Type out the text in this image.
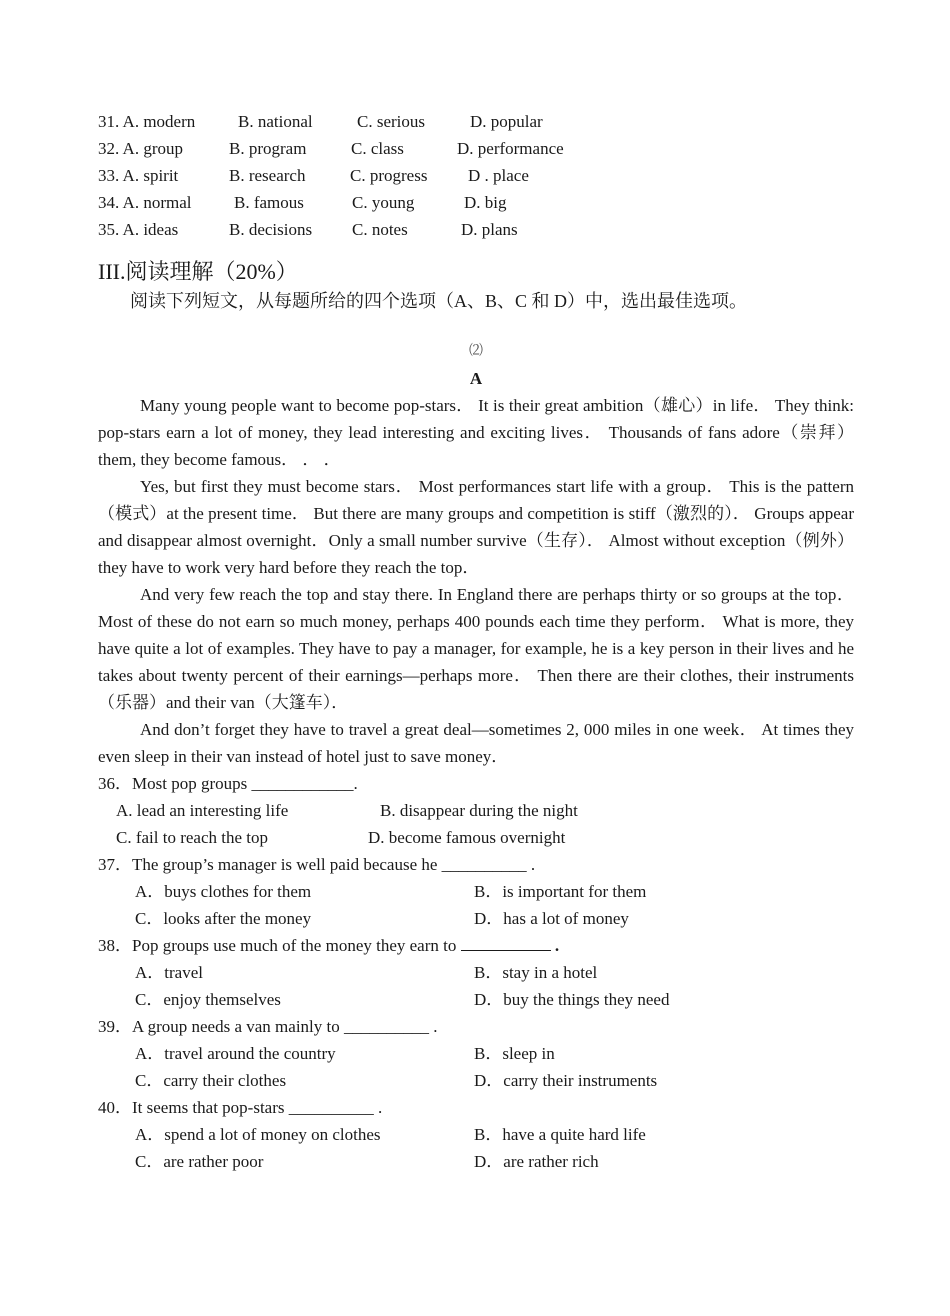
31. A. modern	B. national	C. serious	D. popular
32. A. group	B. program	C. class	D. performance
33. A. spirit	B. research	C. progress D . place
34. A. normal	B. famous	C. young	D. big
35. A. ideas	B. decisions C. notes	D. plans
III.阅读理解（20%）
阅读下列短文，从每题所给的四个选项（A、B、C 和 D）中，选出最佳选项。
⑵
A

Many young people want to become pop-stars． It is their great ambition（雄心）in life． They think: pop-stars earn a lot of money, they lead interesting and exciting lives． Thousands of fans adore（崇拜）them, they become famous． ． ．

Yes, but first they must become stars． Most performances start life with a group． This is the pattern（模式）at the present time． But there are many groups and competition is stiff（激烈的）． Groups appear and disappear almost overnight．Only a small number survive（生存）． Almost without exception（例外）they have to work very hard before they reach the top．

And very few reach the top and stay there. In England there are perhaps thirty or so groups at the top． Most of these do not earn so much money, perhaps 400 pounds each time they perform． What is more, they have quite a lot of examples. They have to pay a manager, for example, he is a key person in their lives and he takes about twenty percent of their earnings—perhaps more． Then there are their clothes, their instruments（乐器）and their van（大篷车）．

And don’t forget they have to travel a great deal—sometimes 2, 000 miles in one week． At times they even sleep in their van instead of hotel just to save money．

36．Most pop groups ____________.
A. lead an interesting life	B. disappear during the night
C. fail to reach the top	D. become famous overnight
37．The group’s manager is well paid because he __________ .
A．buys clothes for them	B．is important for them
C．looks after the money	D．has a lot of money
38．Pop groups use much of the money they earn to	.
A．travel	B．stay in a hotel
C．enjoy themselves	D．buy the things they need
39．A group needs a van mainly to __________ .
A．travel around the country	B．sleep in
C．carry their clothes	D．carry their instruments
40．It seems that pop-stars __________ .
A．spend a lot of money on clothes	B．have a quite hard life
C．are rather poor	D．are rather rich
